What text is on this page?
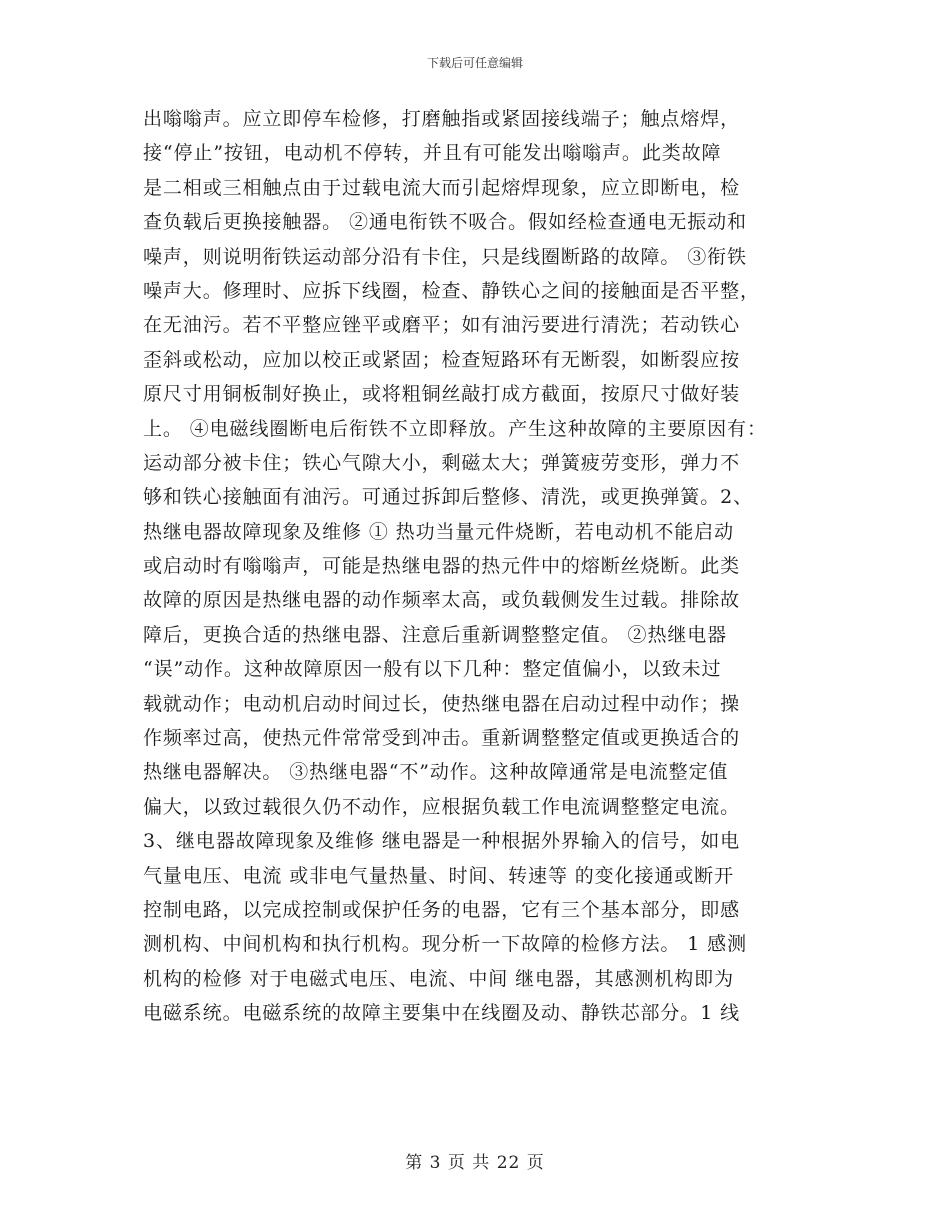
下载后可任意编辑
出嗡嗡声。应立即停车检修，打磨触指或紧固接线端子；触点熔焊，
接“停止”按钮，电动机不停转，并且有可能发出嗡嗡声。此类故障
是二相或三相触点由于过载电流大而引起熔焊现象，应立即断电，检
查负载后更换接触器。 ②通电衔铁不吸合。假如经检查通电无振动和
噪声，则说明衔铁运动部分沿有卡住，只是线圈断路的故障。 ③衔铁
噪声大。修理时、应拆下线圈，检查、静铁心之间的接触面是否平整，
在无油污。若不平整应锉平或磨平；如有油污要进行清洗；若动铁心
歪斜或松动，应加以校正或紧固；检查短路环有无断裂，如断裂应按
原尺寸用铜板制好换止，或将粗铜丝敲打成方截面，按原尺寸做好装
上。 ④电磁线圈断电后衔铁不立即释放。产生这种故障的主要原因有：
运动部分被卡住；铁心气隙大小，剩磁太大；弹簧疲劳变形，弹力不
够和铁心接触面有油污。可通过拆卸后整修、清洗，或更换弹簧。2、
热继电器故障现象及维修 ① 热功当量元件烧断，若电动机不能启动
或启动时有嗡嗡声，可能是热继电器的热元件中的熔断丝烧断。此类
故障的原因是热继电器的动作频率太高，或负载侧发生过载。排除故
障后，更换合适的热继电器、注意后重新调整整定值。 ②热继电器
“误”动作。这种故障原因一般有以下几种：整定值偏小，以致未过
载就动作；电动机启动时间过长，使热继电器在启动过程中动作；操
作频率过高，使热元件常常受到冲击。重新调整整定值或更换适合的
热继电器解决。 ③热继电器“不”动作。这种故障通常是电流整定值
偏大，以致过载很久仍不动作，应根据负载工作电流调整整定电流。
3、继电器故障现象及维修 继电器是一种根据外界输入的信号，如电
气量电压、电流 或非电气量热量、时间、转速等 的变化接通或断开
控制电路，以完成控制或保护任务的电器，它有三个基本部分，即感
测机构、中间机构和执行机构。现分析一下故障的检修方法。 1 感测
机构的检修 对于电磁式电压、电流、中间 继电器，其感测机构即为
电磁系统。电磁系统的故障主要集中在线圈及动、静铁芯部分。1 线
第 3 页 共 22 页
